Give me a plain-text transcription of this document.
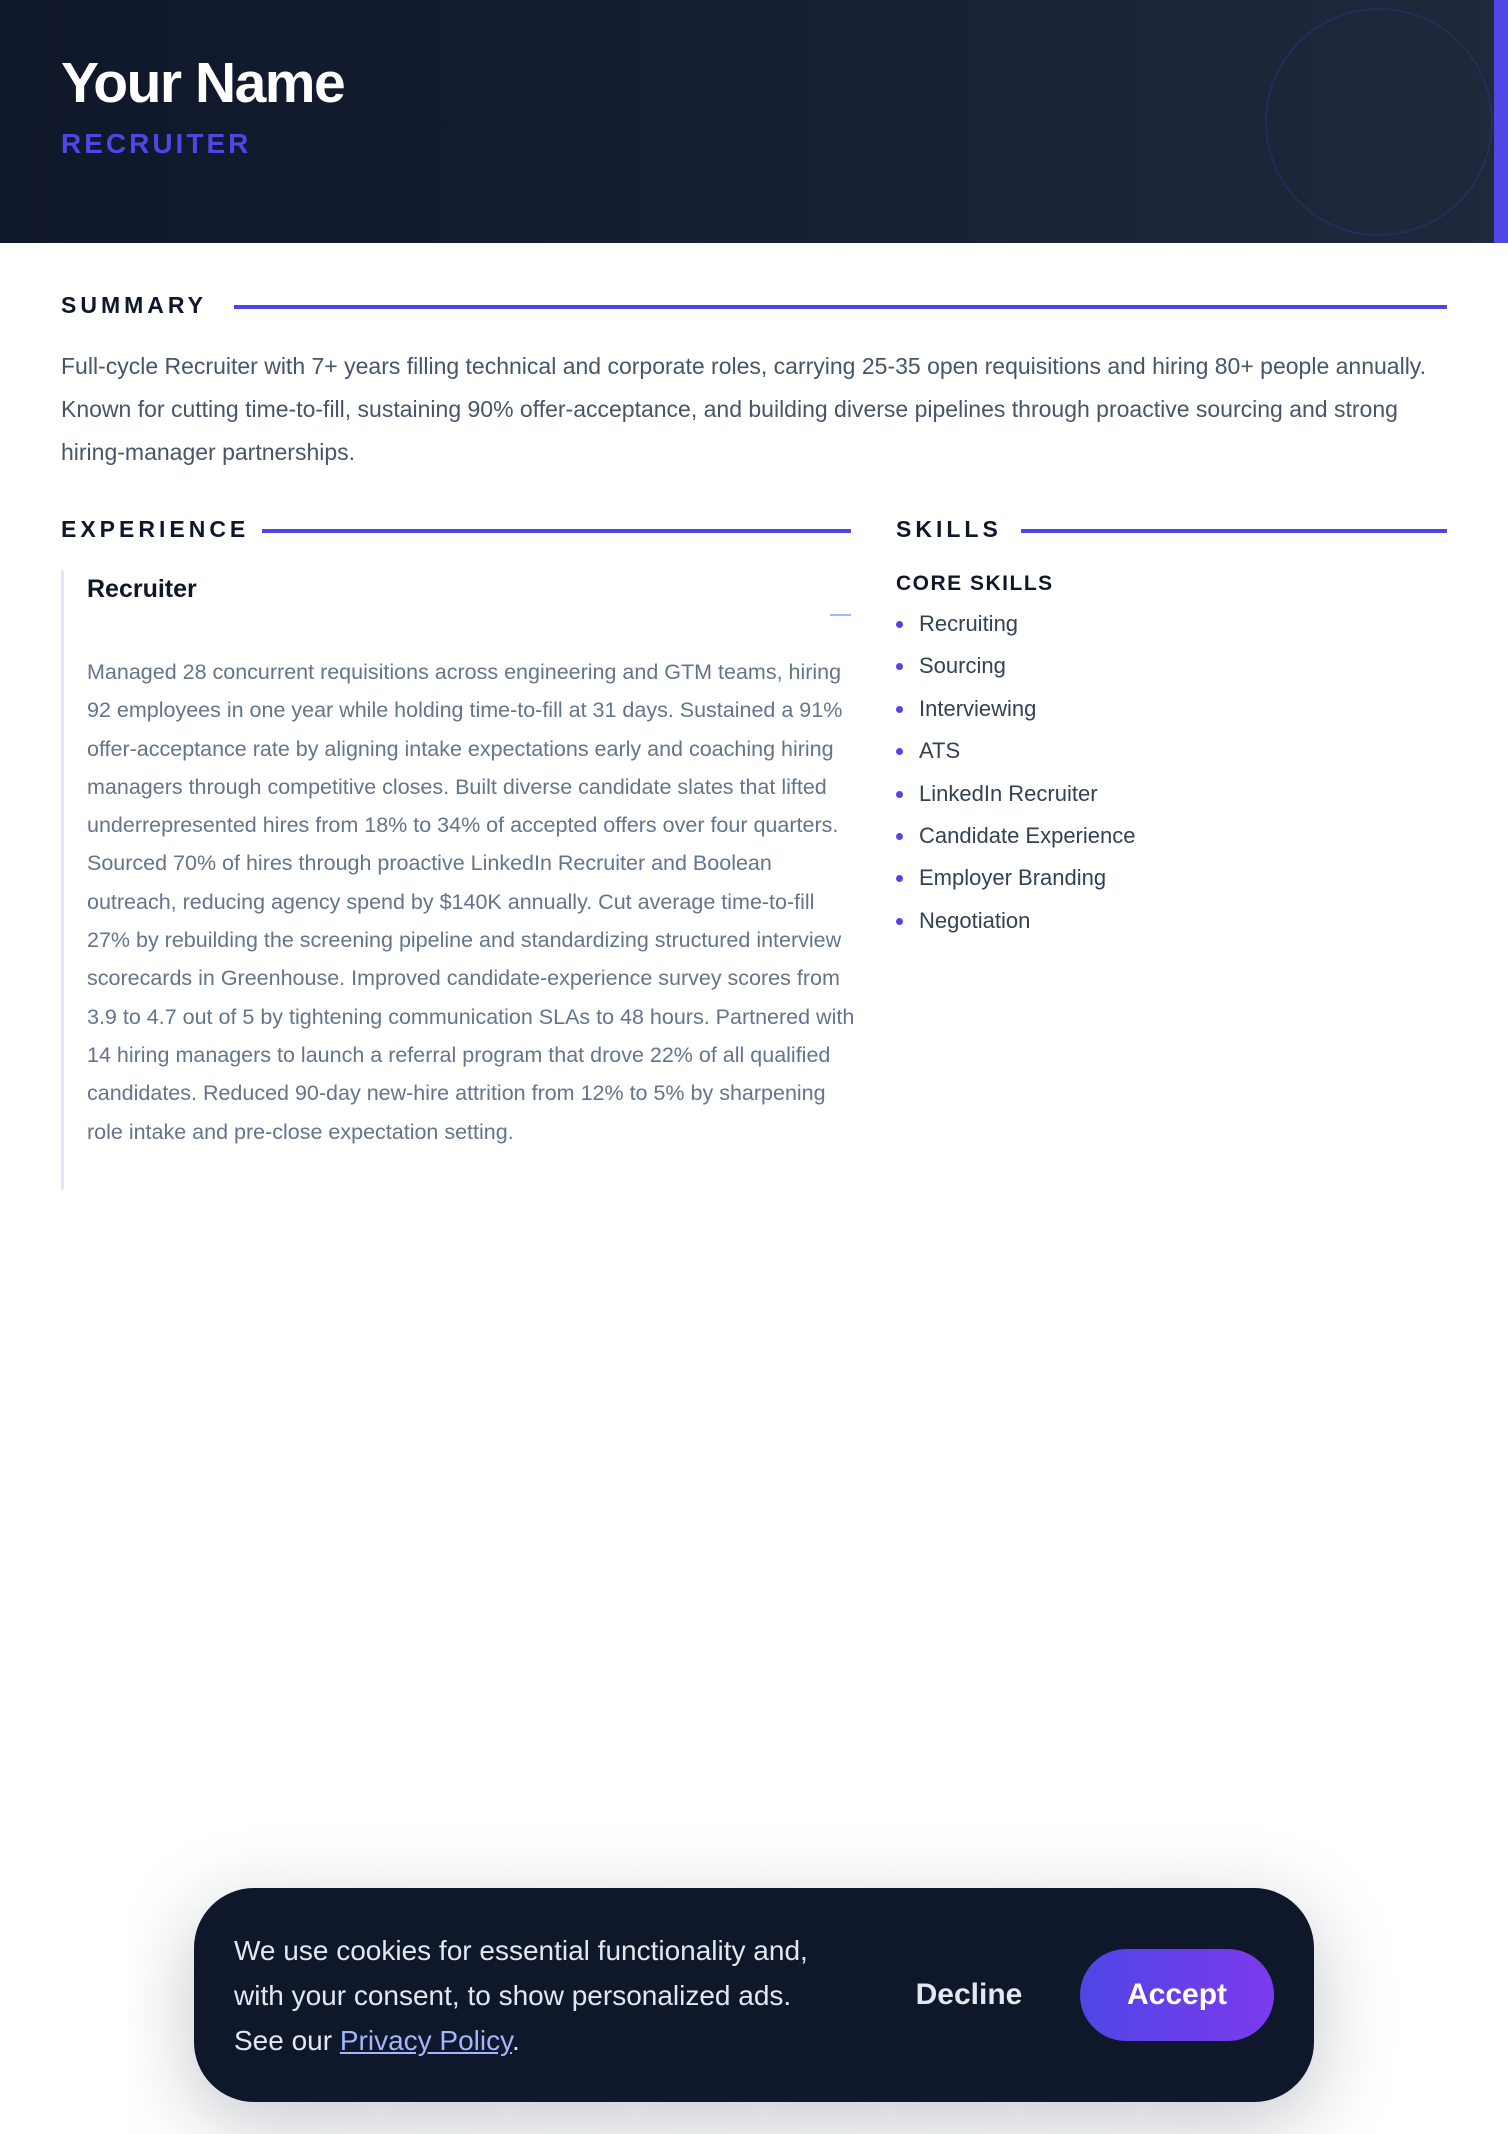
Your Name
RECRUITER
SUMMARY

Full-cycle Recruiter with 7+ years filling technical and corporate roles, carrying 25-35 open requisitions and hiring 80+ people annually. Known for cutting time-to-fill, sustaining 90% offer-acceptance, and building diverse pipelines through proactive sourcing and strong hiring-manager partnerships.

EXPERIENCE
Recruiter

Managed 28 concurrent requisitions across engineering and GTM teams, hiring 92 employees in one year while holding time-to-fill at 31 days. Sustained a 91% offer-acceptance rate by aligning intake expectations early and coaching hiring managers through competitive closes. Built diverse candidate slates that lifted underrepresented hires from 18% to 34% of accepted offers over four quarters. Sourced 70% of hires through proactive LinkedIn Recruiter and Boolean outreach, reducing agency spend by $140K annually. Cut average time-to-fill 27% by rebuilding the screening pipeline and standardizing structured interview scorecards in Greenhouse. Improved candidate-experience survey scores from 3.9 to 4.7 out of 5 by tightening communication SLAs to 48 hours. Partnered with 14 hiring managers to launch a referral program that drove 22% of all qualified candidates. Reduced 90-day new-hire attrition from 12% to 5% by sharpening role intake and pre-close expectation setting.

SKILLS
CORE SKILLS
Recruiting
Sourcing
Interviewing
ATS
LinkedIn Recruiter
Candidate Experience
Employer Branding
Negotiation

We use cookies for essential functionality and, with your consent, to show personalized ads. See our Privacy Policy.

Decline	Accept
